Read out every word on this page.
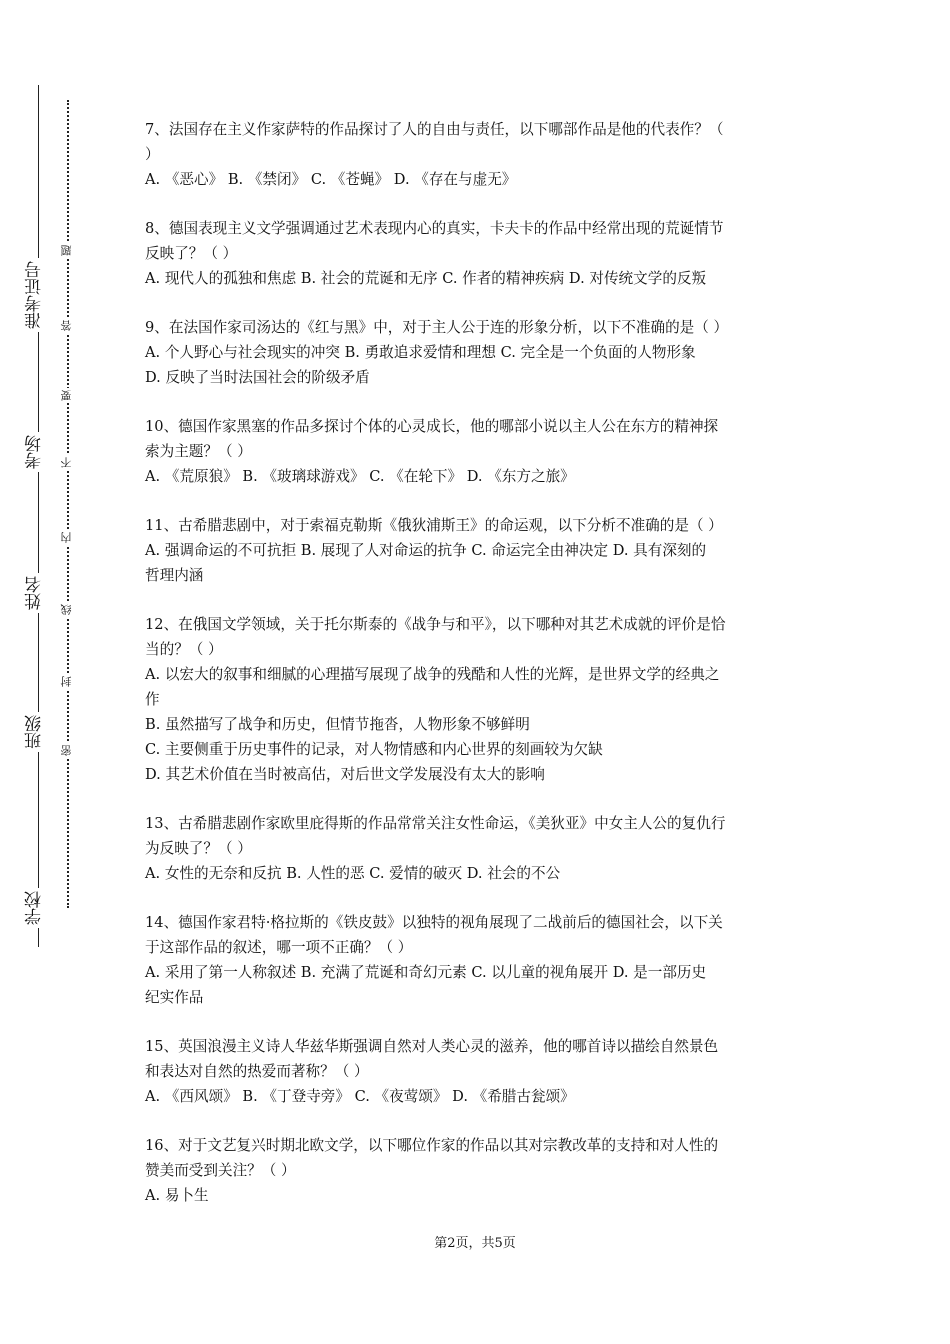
准考证号
考场
姓名
班级
学校
题
答
要
不
内
线
封
密

7、法国存在主义作家萨特的作品探讨了人的自由与责任，以下哪部作品是他的代表作？（

）

A. 《恶心》 B. 《禁闭》 C. 《苍蝇》 D. 《存在与虚无》

8、德国表现主义文学强调通过艺术表现内心的真实，卡夫卡的作品中经常出现的荒诞情节

反映了？（ ）

A. 现代人的孤独和焦虑 B. 社会的荒诞和无序 C. 作者的精神疾病 D. 对传统文学的反叛

9、在法国作家司汤达的《红与黑》中，对于主人公于连的形象分析，以下不准确的是（ ）

A. 个人野心与社会现实的冲突 B. 勇敢追求爱情和理想 C. 完全是一个负面的人物形象

D. 反映了当时法国社会的阶级矛盾

10、德国作家黑塞的作品多探讨个体的心灵成长，他的哪部小说以主人公在东方的精神探

索为主题？（ ）

A. 《荒原狼》 B. 《玻璃球游戏》 C. 《在轮下》 D. 《东方之旅》

11、古希腊悲剧中，对于索福克勒斯《俄狄浦斯王》的命运观，以下分析不准确的是（ ）

A. 强调命运的不可抗拒 B. 展现了人对命运的抗争 C. 命运完全由神决定 D. 具有深刻的

哲理内涵

12、在俄国文学领域，关于托尔斯泰的《战争与和平》，以下哪种对其艺术成就的评价是恰

当的？（ ）

A. 以宏大的叙事和细腻的心理描写展现了战争的残酷和人性的光辉，是世界文学的经典之

作

B. 虽然描写了战争和历史，但情节拖沓，人物形象不够鲜明

C. 主要侧重于历史事件的记录，对人物情感和内心世界的刻画较为欠缺

D. 其艺术价值在当时被高估，对后世文学发展没有太大的影响

13、古希腊悲剧作家欧里庇得斯的作品常常关注女性命运，《美狄亚》中女主人公的复仇行

为反映了？（ ）

A. 女性的无奈和反抗 B. 人性的恶 C. 爱情的破灭 D. 社会的不公

14、德国作家君特·格拉斯的《铁皮鼓》以独特的视角展现了二战前后的德国社会，以下关

于这部作品的叙述，哪一项不正确？（ ）

A. 采用了第一人称叙述 B. 充满了荒诞和奇幻元素 C. 以儿童的视角展开 D. 是一部历史

纪实作品

15、英国浪漫主义诗人华兹华斯强调自然对人类心灵的滋养，他的哪首诗以描绘自然景色

和表达对自然的热爱而著称？（ ）

A. 《西风颂》 B. 《丁登寺旁》 C. 《夜莺颂》 D. 《希腊古瓮颂》

16、对于文艺复兴时期北欧文学，以下哪位作家的作品以其对宗教改革的支持和对人性的

赞美而受到关注？（ ）

A. 易卜生

第2页，共5页
